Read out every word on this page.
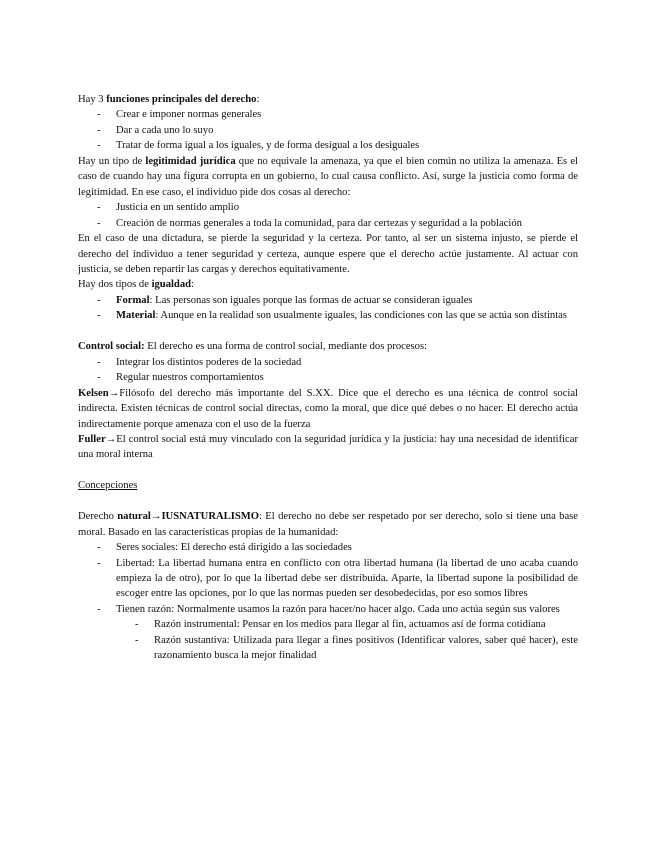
Hay 3 funciones principales del derecho:

- Crear e imponer normas generales
- Dar a cada uno lo suyo
- Tratar de forma igual a los iguales, y de forma desigual a los desiguales

Hay un tipo de legitimidad jurídica que no equivale la amenaza, ya que el bien común no utiliza la amenaza. Es el caso de cuando hay una figura corrupta en un gobierno, lo cual causa conflicto. Así, surge la justicia como forma de legitimidad. En ese caso, el individuo pide dos cosas al derecho:

- Justicia en un sentido amplio
- Creación de normas generales a toda la comunidad, para dar certezas y seguridad a la población

En el caso de una dictadura, se pierde la seguridad y la certeza. Por tanto, al ser un sistema injusto, se pierde el derecho del individuo a tener seguridad y certeza, aunque espere que el derecho actúe justamente. Al actuar con justicia, se deben repartir las cargas y derechos equitativamente.

Hay dos tipos de igualdad:

- Formal: Las personas son iguales porque las formas de actuar se consideran iguales
- Material: Aunque en la realidad son usualmente iguales, las condiciones con las que se actúa son distintas

Control social: El derecho es una forma de control social, mediante dos procesos:

- Integrar los distintos poderes de la sociedad
- Regular nuestros comportamientos

Kelsen→Filósofo del derecho más importante del S.XX. Dice que el derecho es una técnica de control social indirecta. Existen técnicas de control social directas, como la moral, que dice qué debes o no hacer. El derecho actúa indirectamente porque amenaza con el uso de la fuerza

Fuller→El control social está muy vinculado con la seguridad jurídica y la justicia: hay una necesidad de identificar una moral interna

Concepciones

Derecho natural→IUSNATURALISMO: El derecho no debe ser respetado por ser derecho, solo si tiene una base moral. Basado en las características propias de la humanidad:

- Seres sociales: El derecho está dirigido a las sociedades
- Libertad: La libertad humana entra en conflicto con otra libertad humana (la libertad de uno acaba cuando empieza la de otro), por lo que la libertad debe ser distribuida. Aparte, la libertad supone la posibilidad de escoger entre las opciones, por lo que las normas pueden ser desobedecidas, por eso somos libres
- Tienen razón: Normalmente usamos la razón para hacer/no hacer algo. Cada uno actúa según sus valores
- Razón instrumental: Pensar en los medios para llegar al fin, actuamos así de forma cotidiana
- Razón sustantiva: Utilizada para llegar a fines positivos (Identificar valores, saber qué hacer), este razonamiento busca la mejor finalidad
